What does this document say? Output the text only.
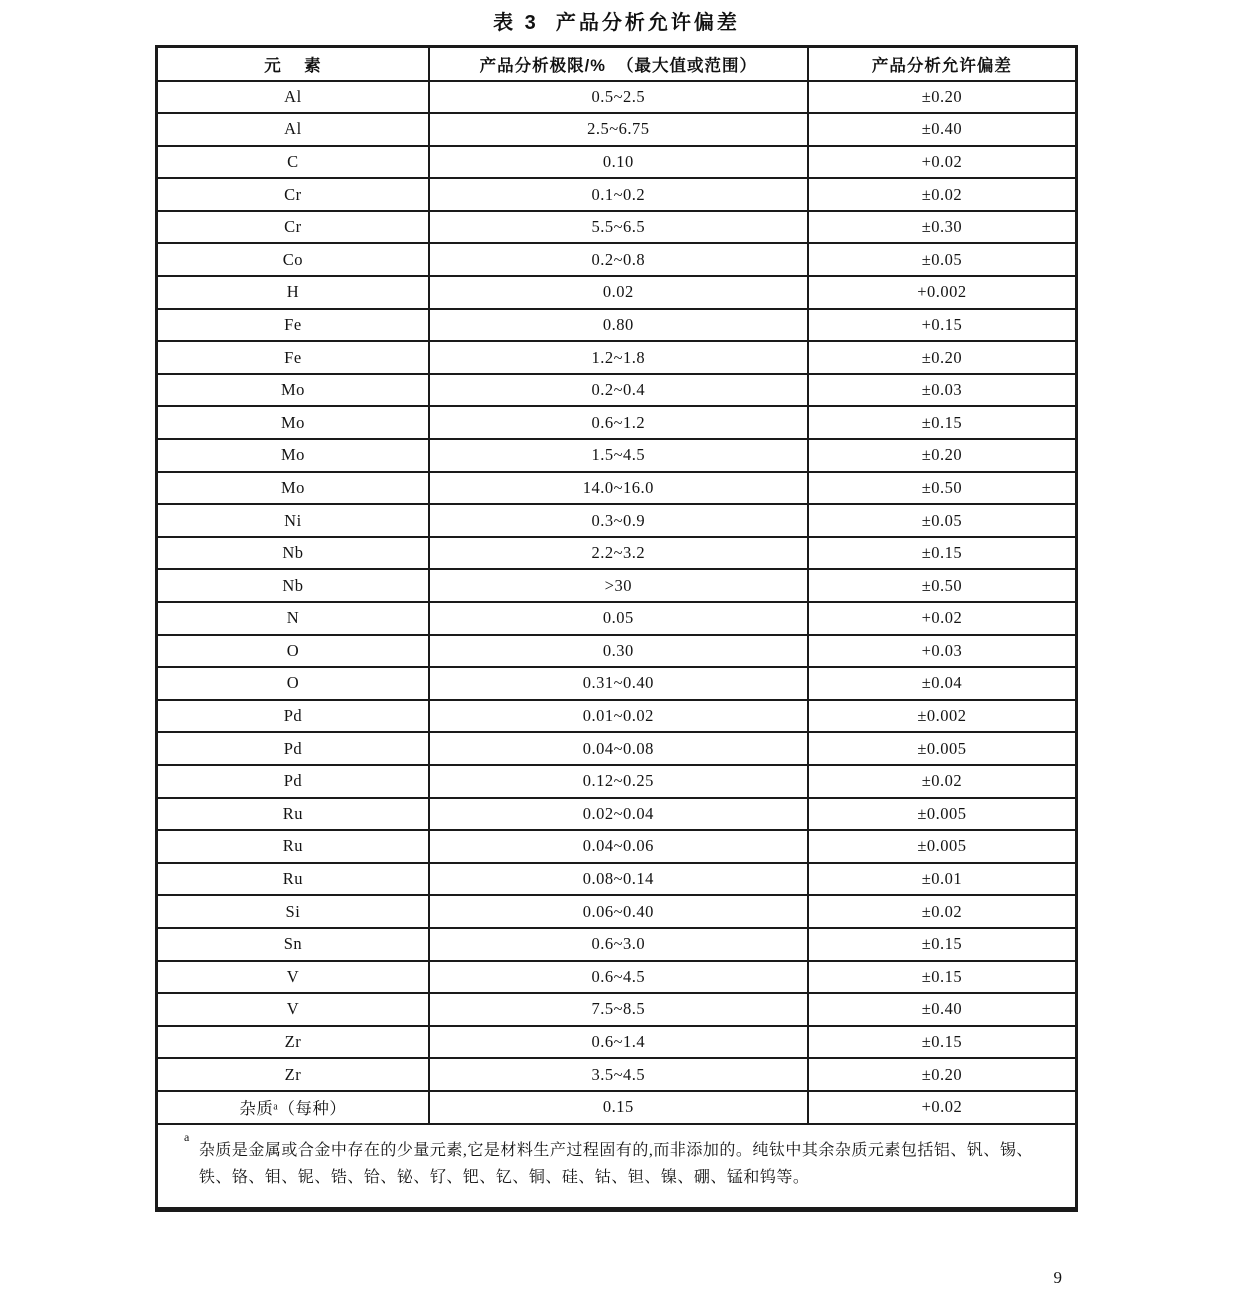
表 3  产品分析允许偏差
元    素	产品分析极限/%  （最大值或范围）	产品分析允许偏差
Al	0.5~2.5	±0.20
Al	2.5~6.75	±0.40
C	0.10	+0.02
Cr	0.1~0.2	±0.02
Cr	5.5~6.5	±0.30
Co	0.2~0.8	±0.05
H	0.02	+0.002
Fe	0.80	+0.15
Fe	1.2~1.8	±0.20
Mo	0.2~0.4	±0.03
Mo	0.6~1.2	±0.15
Mo	1.5~4.5	±0.20
Mo	14.0~16.0	±0.50
Ni	0.3~0.9	±0.05
Nb	2.2~3.2	±0.15
Nb	>30	±0.50
N	0.05	+0.02
O	0.30	+0.03
O	0.31~0.40	±0.04
Pd	0.01~0.02	±0.002
Pd	0.04~0.08	±0.005
Pd	0.12~0.25	±0.02
Ru	0.02~0.04	±0.005
Ru	0.04~0.06	±0.005
Ru	0.08~0.14	±0.01
Si	0.06~0.40	±0.02
Sn	0.6~3.0	±0.15
V	0.6~4.5	±0.15
V	7.5~8.5	±0.40
Zr	0.6~1.4	±0.15
Zr	3.5~4.5	±0.20
杂质ᵃ（每种）	0.15	+0.02

a
杂质是金属或合金中存在的少量元素,它是材料生产过程固有的,而非添加的。纯钛中其余杂质元素包括铝、钒、锡、铁、铬、钼、铌、锆、铪、铋、钌、钯、钇、铜、硅、钴、钽、镍、硼、锰和钨等。		
9
